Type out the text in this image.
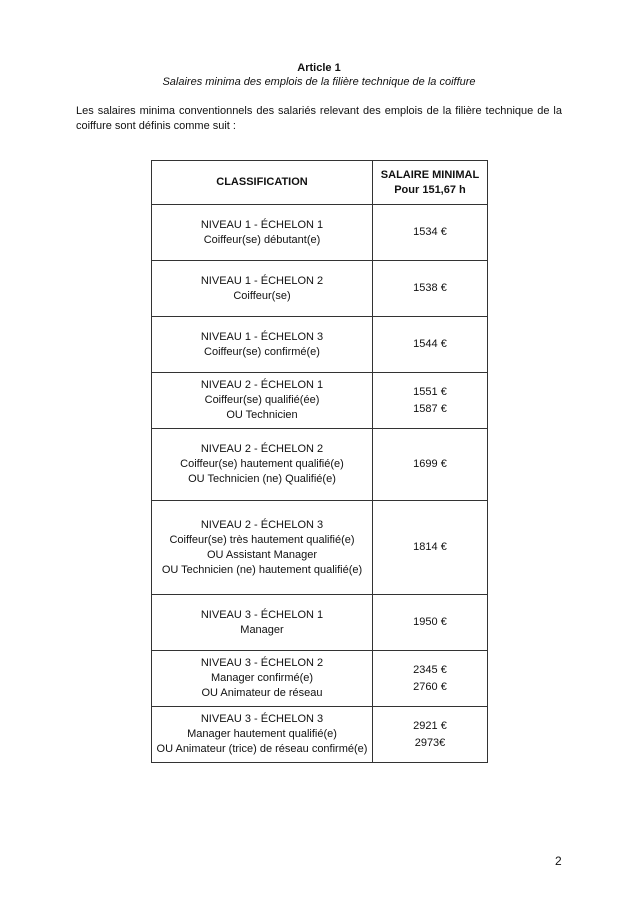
Article 1
Salaires minima des emplois de la filière technique de la coiffure
Les salaires minima conventionnels des salariés relevant des emplois de la filière technique de la coiffure sont définis comme suit :
CLASSIFICATION	SALAIRE MINIMAL
Pour 151,67 h

NIVEAU 1 - ÉCHELON 1
Coiffeur(se) débutant(e)	1534 €

NIVEAU 1 - ÉCHELON 2
Coiffeur(se)	1538 €

NIVEAU 1 - ÉCHELON 3
Coiffeur(se) confirmé(e)	1544 €

NIVEAU 2 - ÉCHELON 1
Coiffeur(se) qualifié(ée)
OU Technicien	1551 €
1587 €

NIVEAU 2 - ÉCHELON 2
Coiffeur(se) hautement qualifié(e)
OU Technicien (ne) Qualifié(e)	1699 €

NIVEAU 2 - ÉCHELON 3
Coiffeur(se) très hautement qualifié(e)
OU Assistant Manager
OU Technicien (ne) hautement qualifié(e)	1814 €

NIVEAU 3 - ÉCHELON 1
Manager	1950 €

NIVEAU 3 - ÉCHELON 2
Manager confirmé(e)
OU Animateur de réseau	2345 €
2760 €

NIVEAU 3 - ÉCHELON 3
Manager hautement qualifié(e)
OU Animateur (trice) de réseau confirmé(e)	2921 €
2973€
2
